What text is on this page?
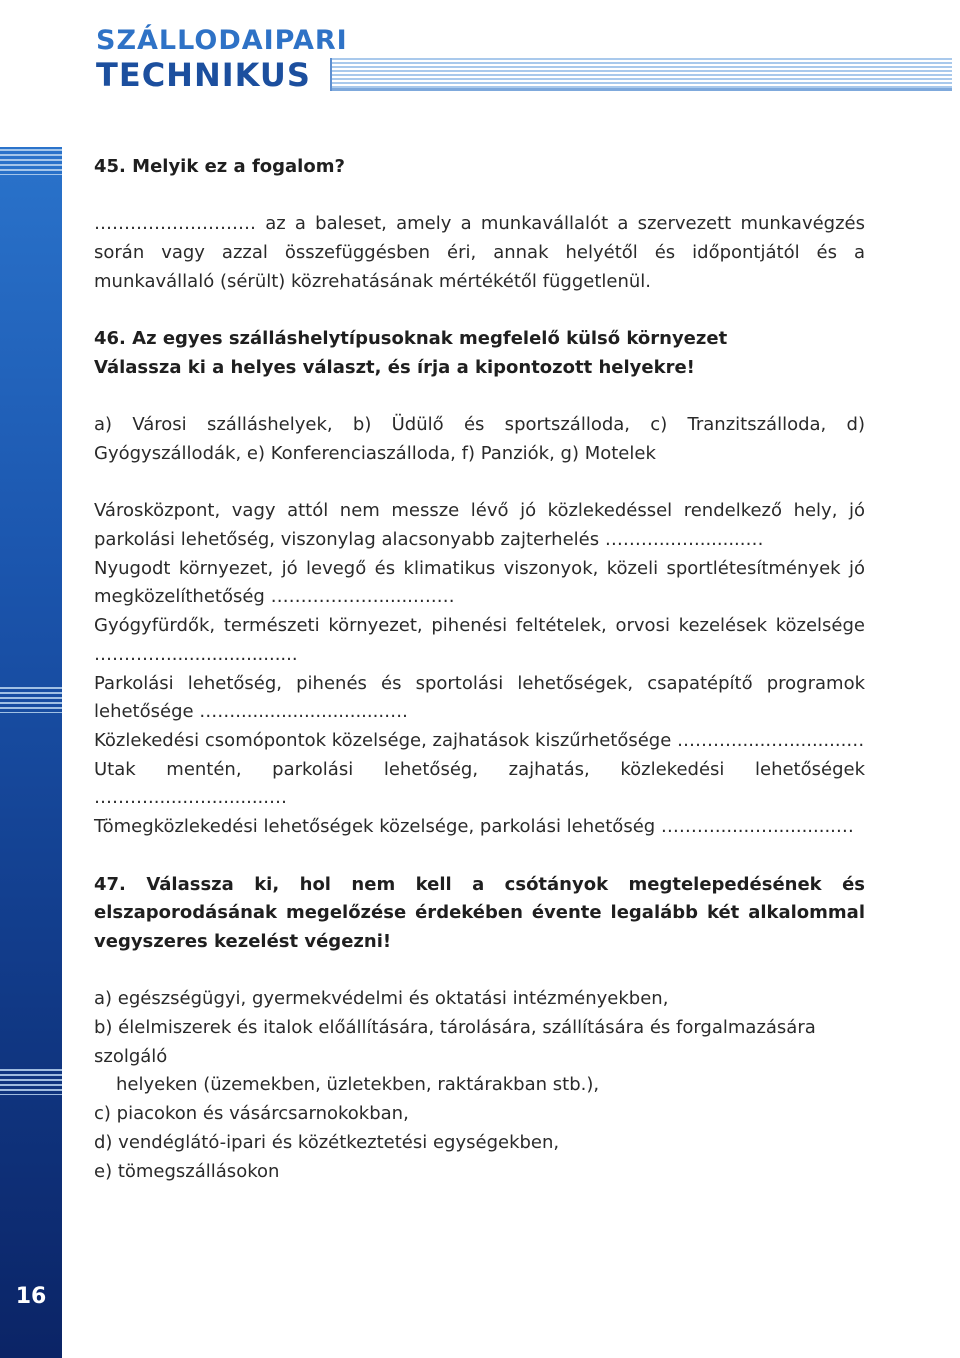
SZÁLLODAIPARI
TECHNIKUS
16

45. Melyik ez a fogalom?

……………………… az a baleset, amely a munkavállalót a szervezett munkavégzés során vagy azzal összefüggésben éri, annak helyétől és időpontjától és a munkavállaló (sérült) közrehatásának mértékétől függetlenül.

46. Az egyes szálláshelytípusoknak megfelelő külső környezet

Válassza ki a helyes választ, és írja a kipontozott helyekre!

a) Városi szálláshelyek, b) Üdülő és sportszálloda, c) Tranzitszálloda, d) Gyógyszállodák, e) Konferenciaszálloda, f) Panziók, g) Motelek

Városközpont, vagy attól nem messze lévő jó közlekedéssel rendelkező hely, jó parkolási lehetőség, viszonylag alacsonyabb zajterhelés ………...….........…

Nyugodt környezet, jó levegő és klimatikus viszonyok, közeli sportlétesítmények jó megközelíthetőség ………………......….…

Gyógyfürdők, természeti környezet, pihenési feltételek, orvosi kezelések közelsége ………….......................

Parkolási lehetőség, pihenés és sportolási lehetőségek, csapatépítő programok lehetősége ……..........................….

Közlekedési csomópontok közelsége, zajhatások kiszűrhetősége ……….......…..........…

Utak mentén, parkolási lehetőség, zajhatás, közlekedési lehetőségek ……….......…...........…

Tömegközlekedési lehetőségek közelsége, parkolási lehetőség ……….......…...........…

47. Válassza ki, hol nem kell a csótányok megtelepedésének és elszaporodásának megelőzése érdekében évente legalább két alkalommal vegyszeres kezelést végezni!

a) egészségügyi, gyermekvédelmi és oktatási intézményekben,

b) élelmiszerek és italok előállítására, tárolására, szállítására és forgalmazására szolgáló

helyeken (üzemekben, üzletekben, raktárakban stb.),

c) piacokon és vásárcsarnokokban,

d) vendéglátó-ipari és közétkeztetési egységekben,

e) tömegszállásokon
